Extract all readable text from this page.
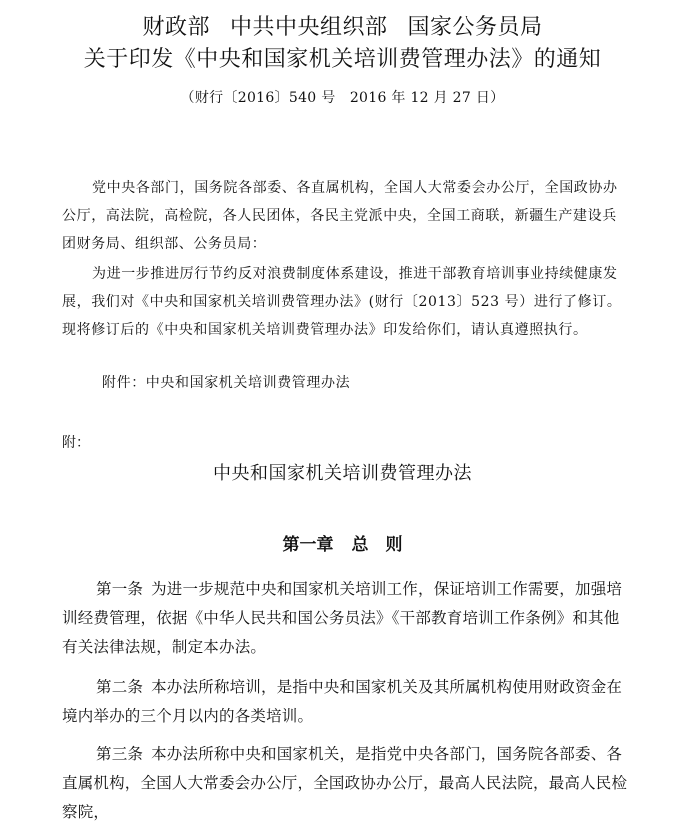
财政部 中共中央组织部 国家公务员局
关于印发《中央和国家机关培训费管理办法》的通知
（财行〔2016〕540 号　2016 年 12 月 27 日）
党中央各部门，国务院各部委、各直属机构，全国人大常委会办公厅，全国政协办公厅，高法院，高检院，各人民团体，各民主党派中央，全国工商联，新疆生产建设兵团财务局、组织部、公务员局：
为进一步推进厉行节约反对浪费制度体系建设，推进干部教育培训事业持续健康发展，我们对《中央和国家机关培训费管理办法》(财行〔2013〕523 号）进行了修订。现将修订后的《中央和国家机关培训费管理办法》印发给你们，请认真遵照执行。
附件：中央和国家机关培训费管理办法
附：
中央和国家机关培训费管理办法
第一章 总　则
第一条 为进一步规范中央和国家机关培训工作，保证培训工作需要，加强培训经费管理，依据《中华人民共和国公务员法》《干部教育培训工作条例》和其他有关法律法规，制定本办法。
第二条 本办法所称培训，是指中央和国家机关及其所属机构使用财政资金在境内举办的三个月以内的各类培训。
第三条 本办法所称中央和国家机关，是指党中央各部门，国务院各部委、各直属机构，全国人大常委会办公厅，全国政协办公厅，最高人民法院，最高人民检察院，
